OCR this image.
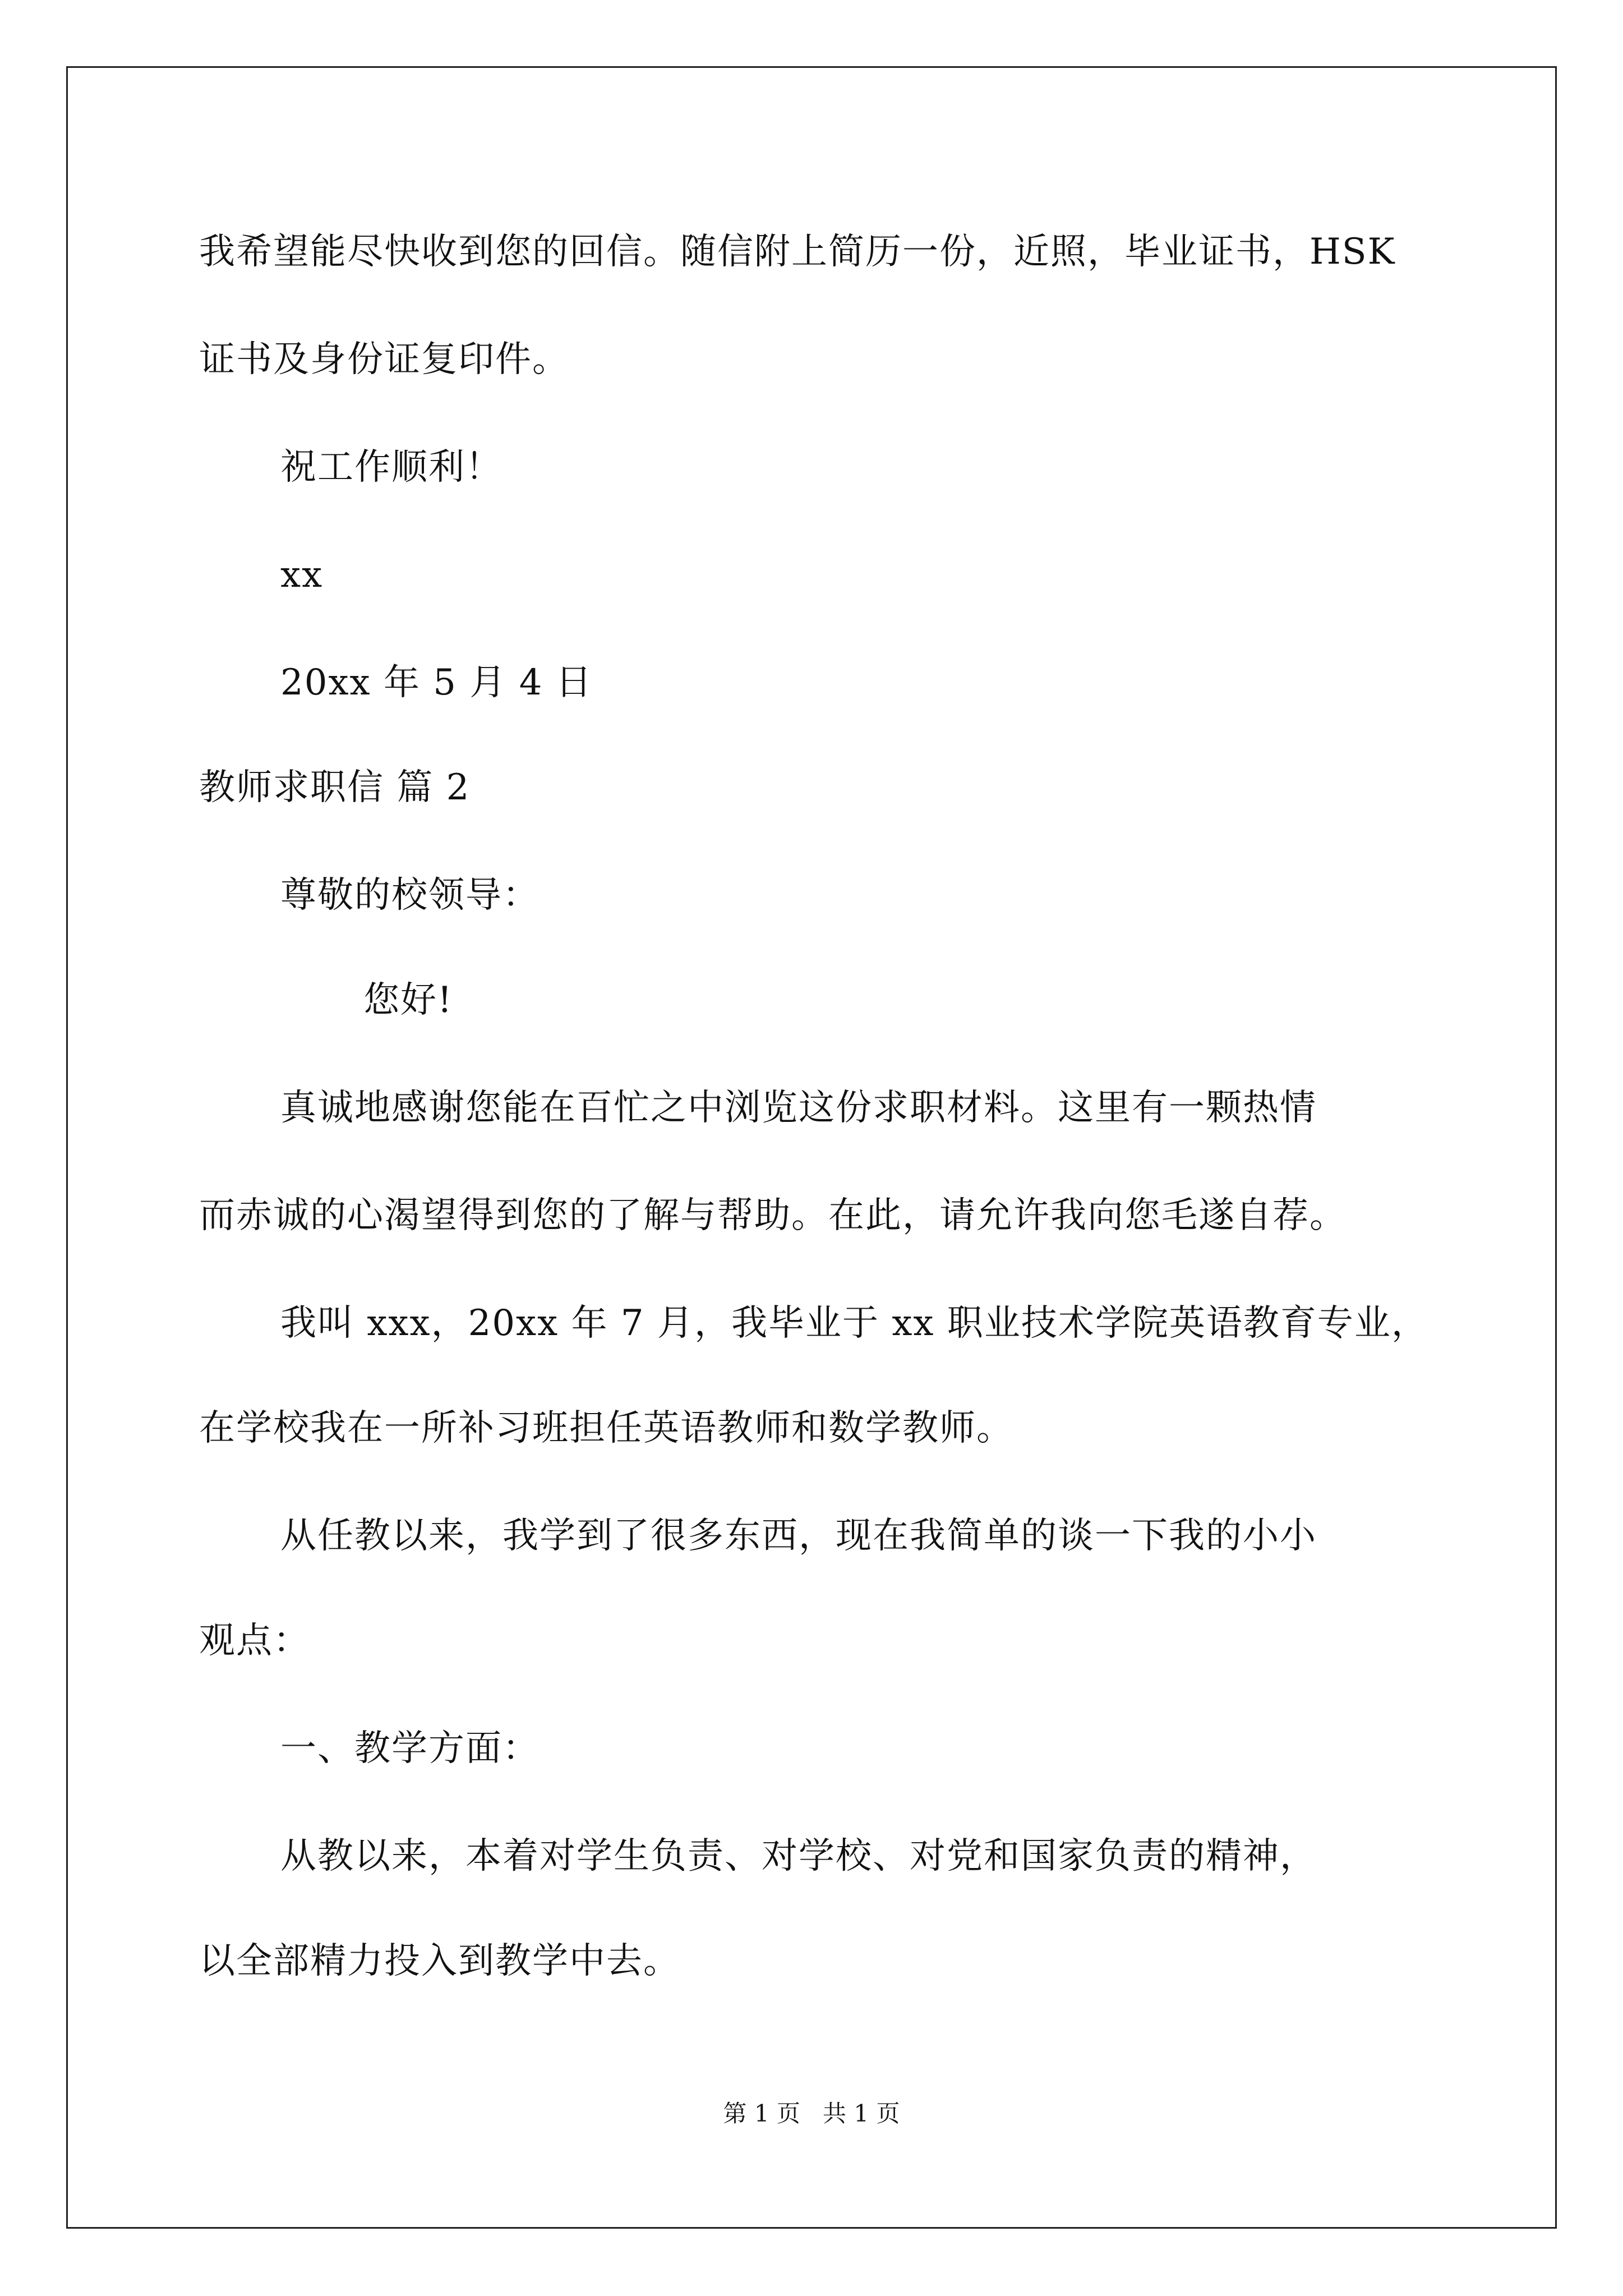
我希望能尽快收到您的回信。随信附上简历一份，近照，毕业证书，HSK
证书及身份证复印件。
祝工作顺利！
xx
20xx 年 5 月 4 日
教师求职信 篇 2
尊敬的校领导：
您好!
真诚地感谢您能在百忙之中浏览这份求职材料。这里有一颗热情
而赤诚的心渴望得到您的了解与帮助。在此，请允许我向您毛遂自荐。
我叫 xxx，20xx 年 7 月，我毕业于 xx 职业技术学院英语教育专业，
在学校我在一所补习班担任英语教师和数学教师。
从任教以来，我学到了很多东西，现在我简单的谈一下我的小小
观点：
一、教学方面：
从教以来，本着对学生负责、对学校、对党和国家负责的精神，
以全部精力投入到教学中去。
第 1 页   共 1 页
